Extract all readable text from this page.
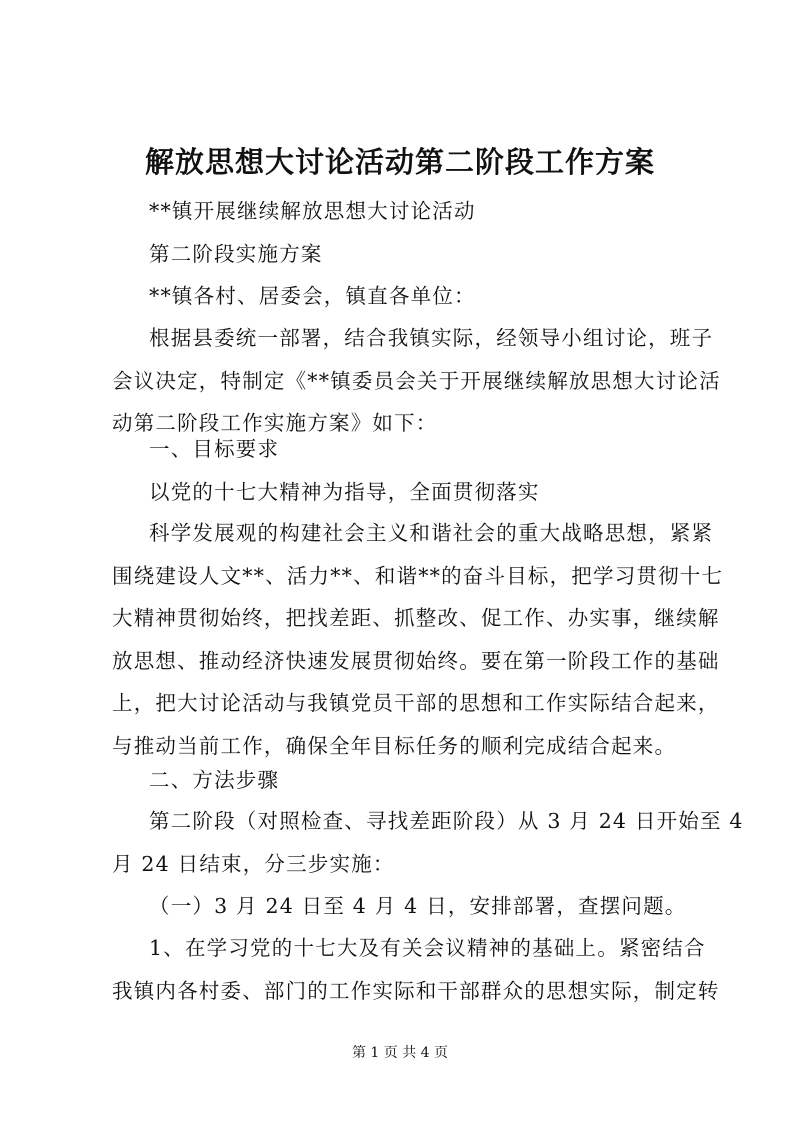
解放思想大讨论活动第二阶段工作方案
**镇开展继续解放思想大讨论活动
第二阶段实施方案
**镇各村、居委会，镇直各单位：
根据县委统一部署，结合我镇实际，经领导小组讨论，班子
会议决定，特制定《**镇委员会关于开展继续解放思想大讨论活
动第二阶段工作实施方案》如下：
一、目标要求
以党的十七大精神为指导，全面贯彻落实
科学发展观的构建社会主义和谐社会的重大战略思想，紧紧
围绕建设人文**、活力**、和谐**的奋斗目标，把学习贯彻十七
大精神贯彻始终，把找差距、抓整改、促工作、办实事，继续解
放思想、推动经济快速发展贯彻始终。要在第一阶段工作的基础
上，把大讨论活动与我镇党员干部的思想和工作实际结合起来，
与推动当前工作，确保全年目标任务的顺利完成结合起来。
二、方法步骤
第二阶段（对照检查、寻找差距阶段）从 3 月 24 日开始至 4
月 24 日结束，分三步实施：
（一）3 月 24 日至 4 月 4 日，安排部署，查摆问题。
1、在学习党的十七大及有关会议精神的基础上。紧密结合
我镇内各村委、部门的工作实际和干部群众的思想实际，制定转

第 1 页 共 4 页
